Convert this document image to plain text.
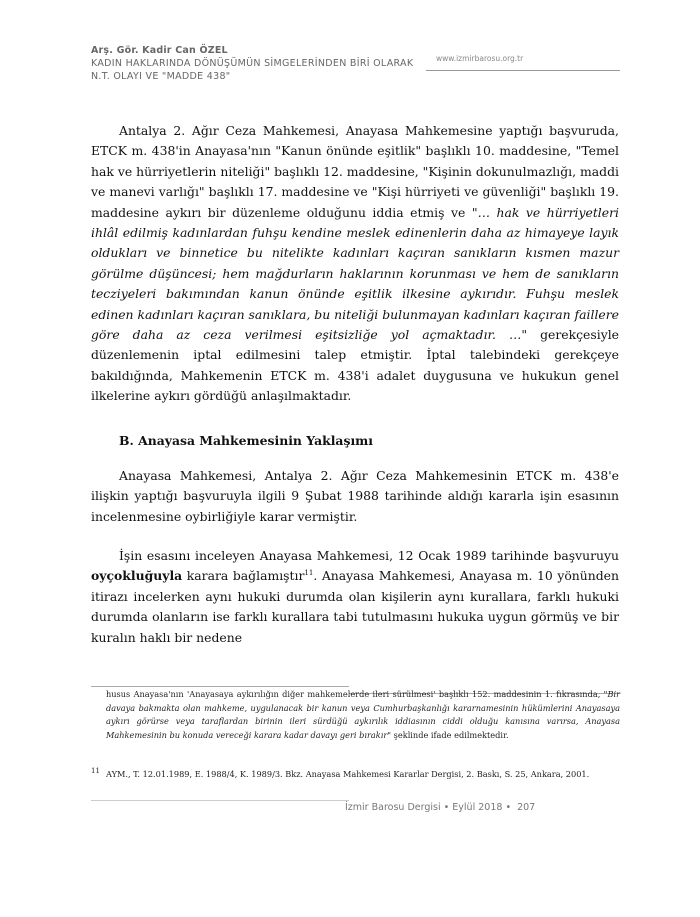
Arş. Gör. Kadir Can ÖZEL
KADIN HAKLARINDA DÖNÜŞÜMÜN SİMGELERİNDEN BİRİ OLARAK
N.T. OLAYI VE "MADDE 438"
www.izmirbarosu.org.tr

Antalya 2. Ağır Ceza Mahkemesi, Anayasa Mahkemesine yaptığı başvuruda, ETCK m. 438'in Anayasa'nın "Kanun önünde eşitlik" başlıklı 10. maddesine, "Temel hak ve hürriyetlerin niteliği" başlıklı 12. maddesine, "Kişinin dokunulmazlığı, maddi ve manevi varlığı" başlıklı 17. maddesine ve "Kişi hürriyeti ve güvenliği" başlıklı 19. maddesine aykırı bir düzenleme olduğunu iddia etmiş ve "… hak ve hürriyetleri ihlâl edilmiş kadınlardan fuhşu kendine meslek edinenlerin daha az himayeye layık oldukları ve binnetice bu nitelikte kadınları kaçıran sanıkların kısmen mazur görülme düşüncesi; hem mağdurların haklarının korunması ve hem de sanıkların tecziyeleri bakımından kanun önünde eşitlik ilkesine aykırıdır. Fuhşu meslek edinen kadınları kaçıran sanıklara, bu niteliği bulunmayan kadınları kaçıran faillere göre daha az ceza verilmesi eşitsizliğe yol açmaktadır. …" gerekçesiyle düzenlemenin iptal edilmesini talep etmiştir. İptal talebindeki gerekçeye bakıldığında, Mahkemenin ETCK m. 438'i adalet duygusuna ve hukukun genel ilkelerine aykırı gördüğü anlaşılmaktadır.

B. Anayasa Mahkemesinin Yaklaşımı

Anayasa Mahkemesi, Antalya 2. Ağır Ceza Mahkemesinin ETCK m. 438'e ilişkin yaptığı başvuruyla ilgili 9 Şubat 1988 tarihinde aldığı kararla işin esasının incelenmesine oybirliğiyle karar vermiştir.

İşin esasını inceleyen Anayasa Mahkemesi, 12 Ocak 1989 tarihinde başvuruyu oyçokluğuyla karara bağlamıştır$^{11}$. Anayasa Mahkemesi, Anayasa m. 10 yönünden itirazı incelerken aynı hukuki durumda olan kişilerin aynı kurallara, farklı hukuki durumda olanların ise farklı kurallara tabi tutulmasını hukuka uygun görmüş ve bir kuralın haklı bir nedene

husus Anayasa'nın 'Anayasaya aykırılığın diğer mahkemelerde ileri sürülmesi' başlıklı 152. maddesinin 1. fıkrasında, "Bir davaya bakmakta olan mahkeme, uygulanacak bir kanun veya Cumhurbaşkanlığı kararnamesinin hükümlerini Anayasaya aykırı görürse veya taraflardan birinin ileri sürdüğü aykırılık iddiasının ciddi olduğu kanısına varırsa, Anayasa Mahkemesinin bu konuda vereceği karara kadar davayı geri bırakır" şeklinde ifade edilmektedir.
11 AYM., T. 12.01.1989, E. 1988/4, K. 1989/3. Bkz. Anayasa Mahkemesi Kararlar Dergisi, 2. Baskı, S. 25, Ankara, 2001.
İzmir Barosu Dergisi • Eylül 2018 • 207
